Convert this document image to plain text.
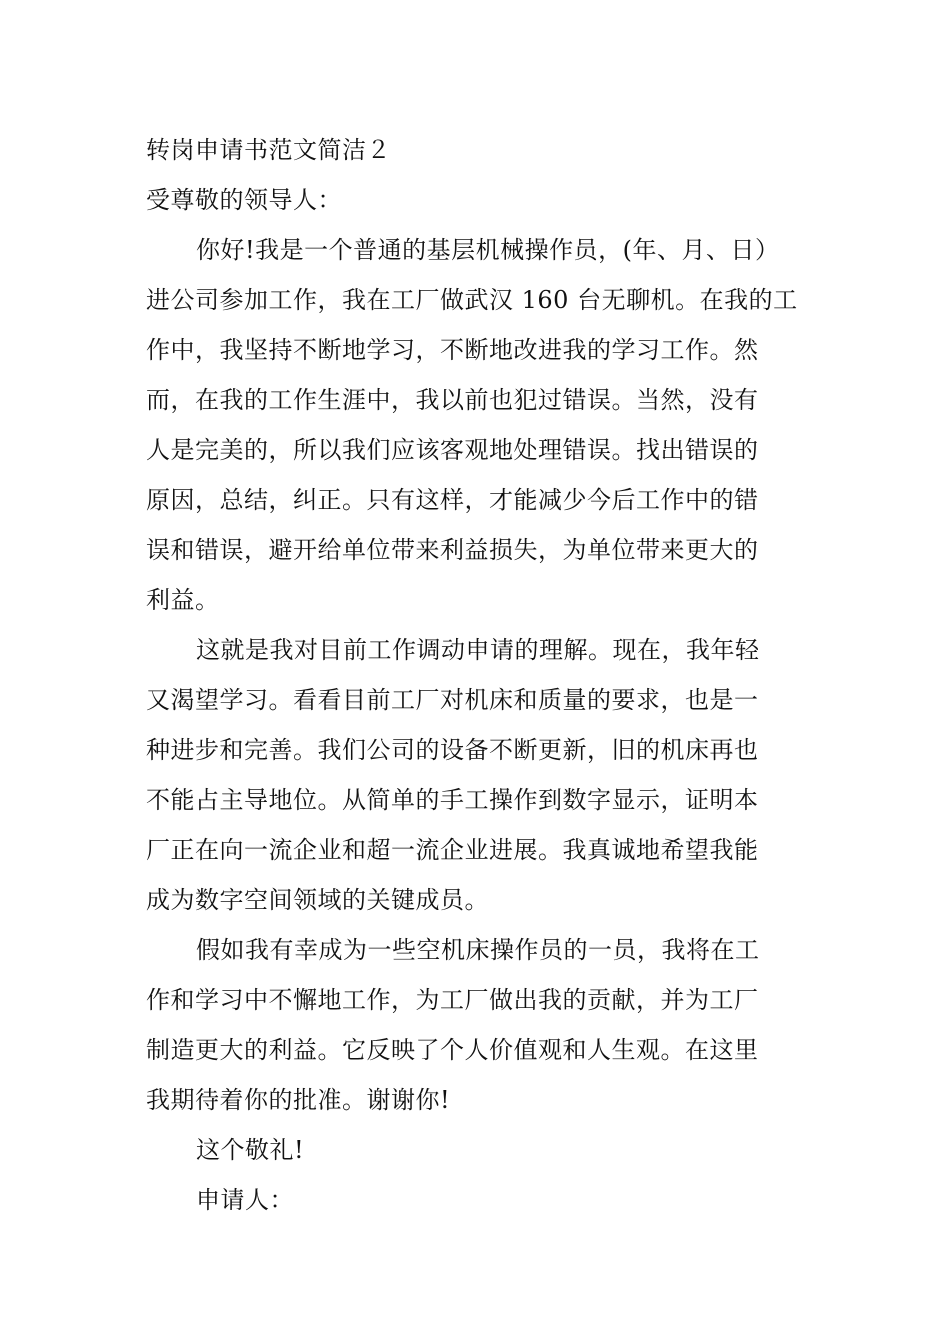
转岗申请书范文简洁２
受尊敬的领导人：
你好!我是一个普通的基层机械操作员，(年、月、日）
进公司参加工作，我在工厂做武汉 160 台无聊机。在我的工
作中，我坚持不断地学习，不断地改进我的学习工作。然
而，在我的工作生涯中，我以前也犯过错误。当然，没有
人是完美的，所以我们应该客观地处理错误。找出错误的
原因，总结，纠正。只有这样，才能减少今后工作中的错
误和错误，避开给单位带来利益损失，为单位带来更大的
利益。
这就是我对目前工作调动申请的理解。现在，我年轻
又渴望学习。看看目前工厂对机床和质量的要求，也是一
种进步和完善。我们公司的设备不断更新，旧的机床再也
不能占主导地位。从简单的手工操作到数字显示，证明本
厂正在向一流企业和超一流企业进展。我真诚地希望我能
成为数字空间领域的关键成员。
假如我有幸成为一些空机床操作员的一员，我将在工
作和学习中不懈地工作，为工厂做出我的贡献，并为工厂
制造更大的利益。它反映了个人价值观和人生观。在这里
我期待着你的批准。谢谢你!
这个敬礼!
申请人：
